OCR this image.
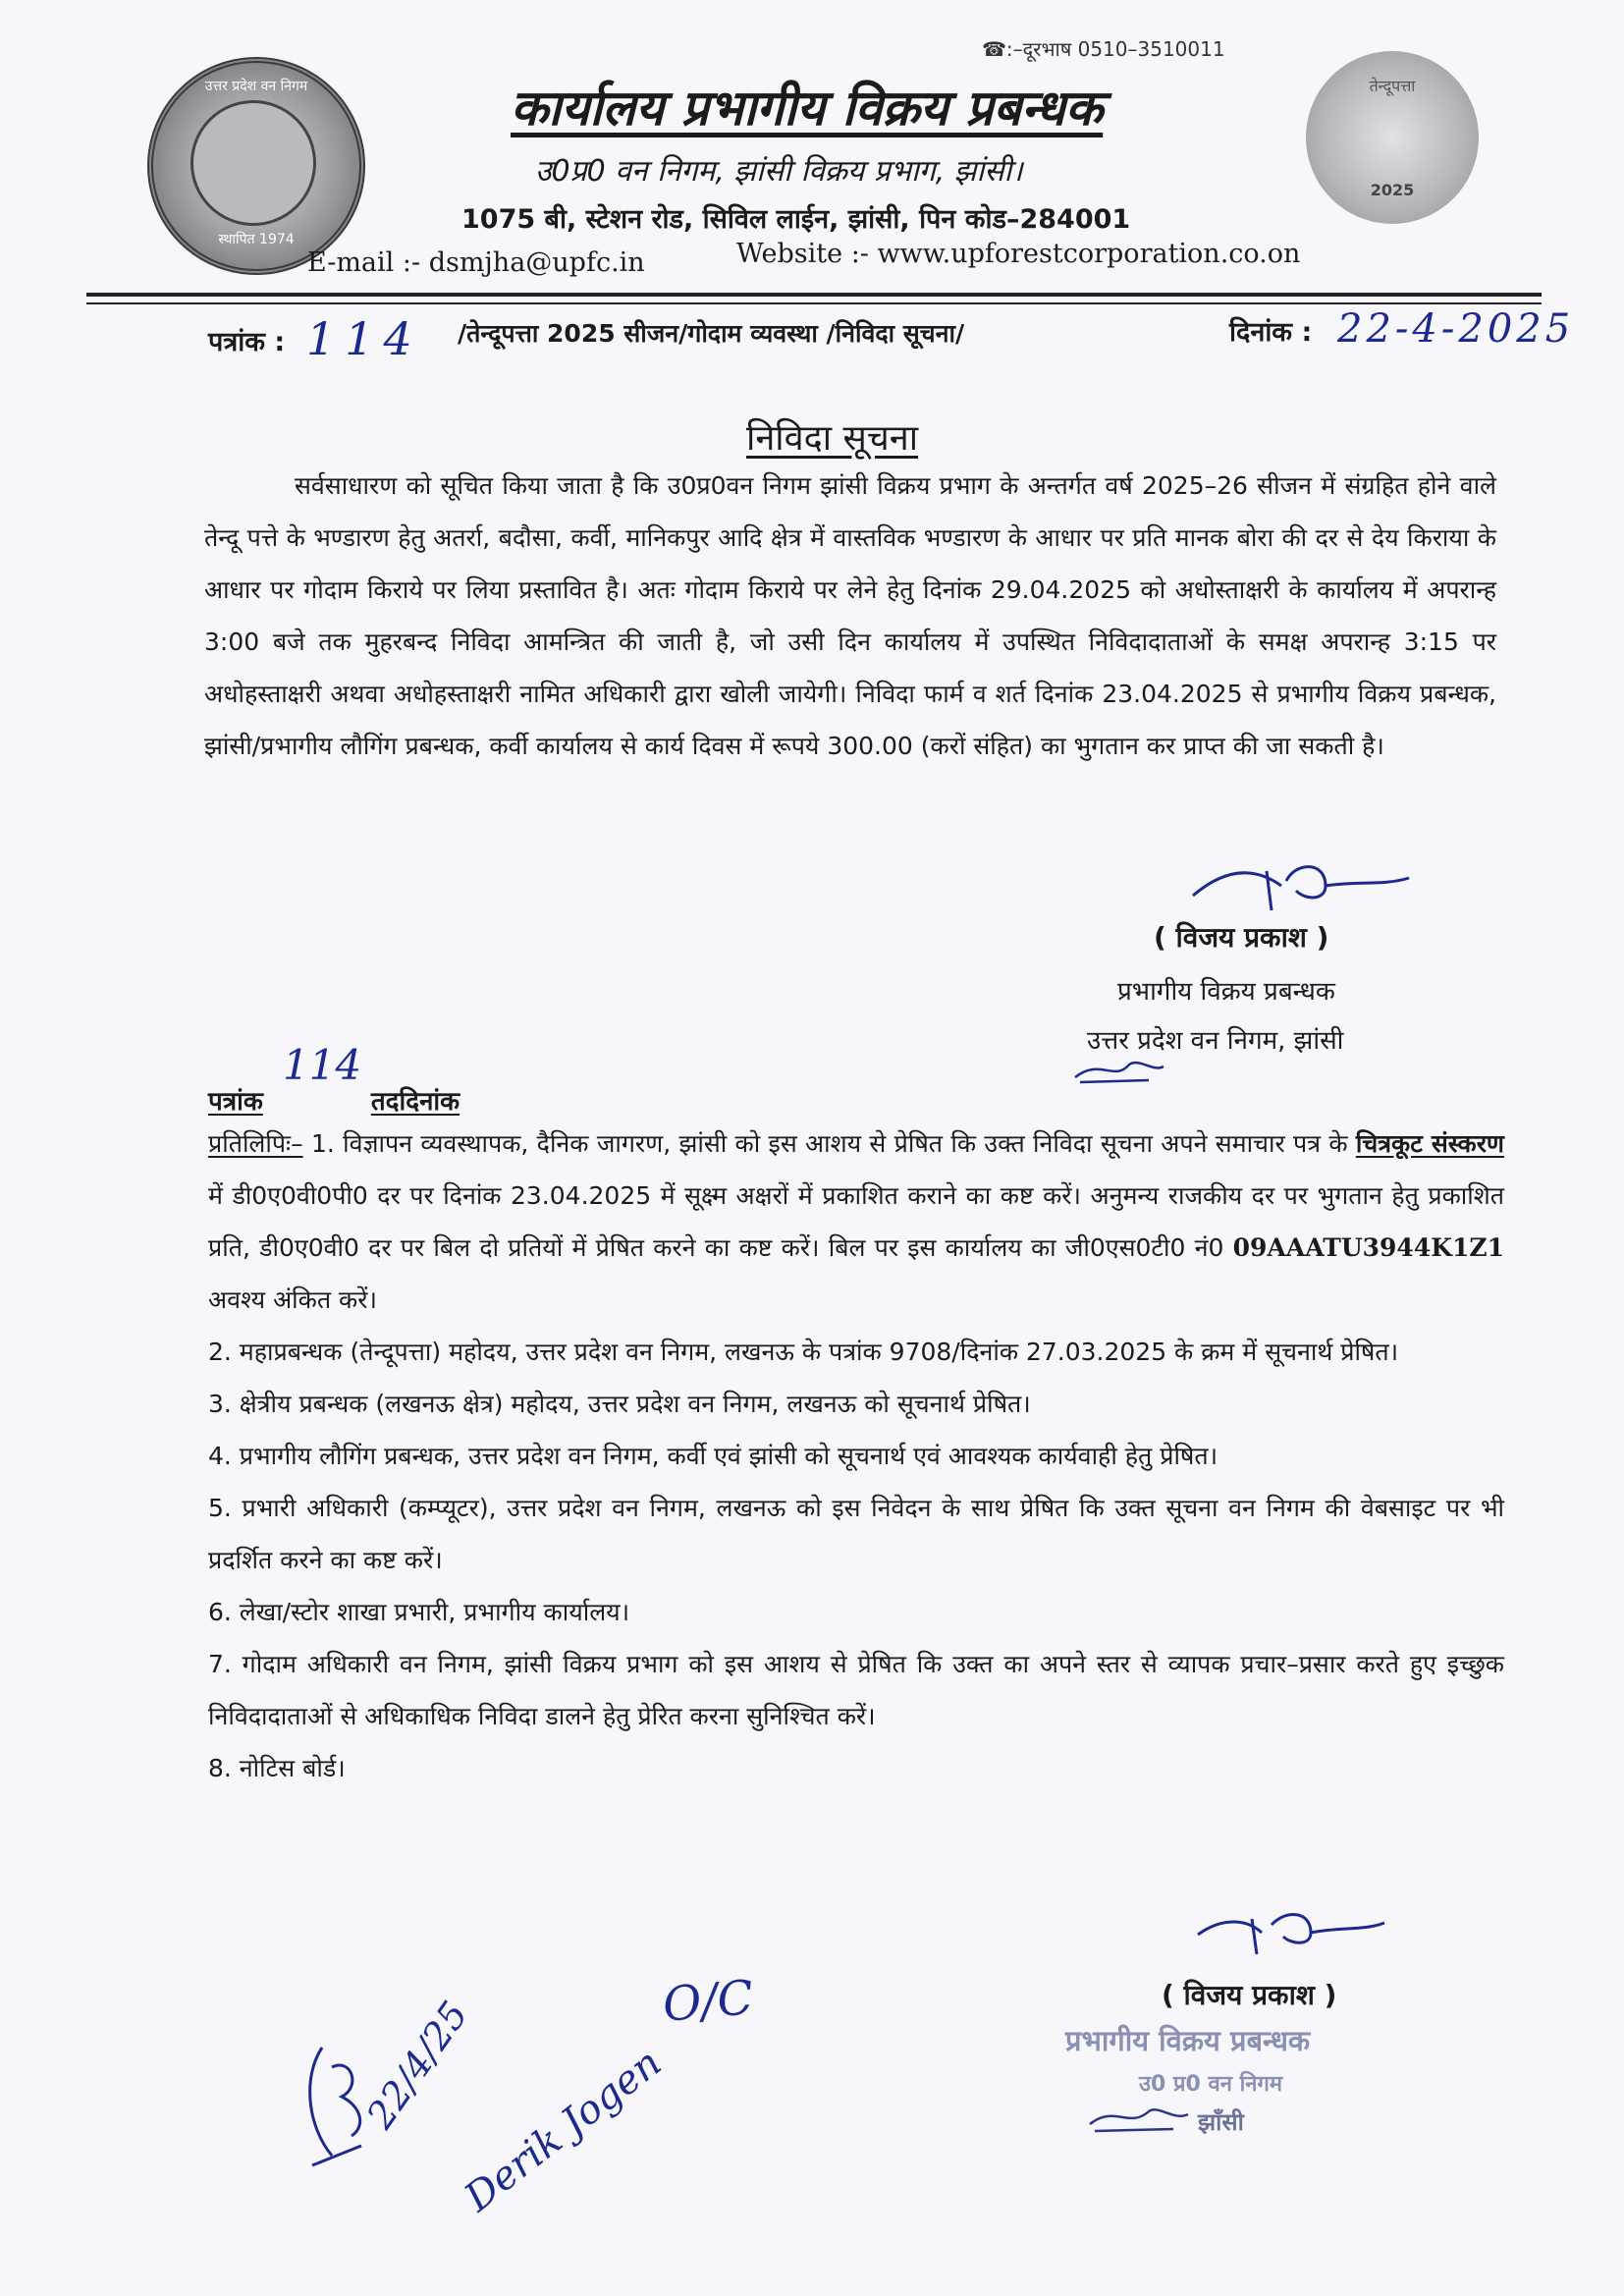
उत्तर प्रदेश वन निगम
स्थापित 1974
तेन्दूपत्ता
2025
☎:–दूरभाष 0510–3510011
कार्यालय प्रभागीय विक्रय प्रबन्धक
उ0प्र0 वन निगम, झांसी विक्रय प्रभाग, झांसी।
1075 बी, स्टेशन रोड, सिविल लाईन, झांसी, पिन कोड–284001
E-mail :- dsmjha@upfc.in	Website :- www.upforestcorporation.co.on
पत्रांक : 114 /तेन्दूपत्ता 2025 सीजन/गोदाम व्यवस्था /निविदा सूचना/	दिनांक : 22-4-2025
निविदा सूचना

सर्वसाधारण को सूचित किया जाता है कि उ0प्र0वन निगम झांसी विक्रय प्रभाग के अन्तर्गत वर्ष 2025–26 सीजन में संग्रहित होने वाले तेन्दू पत्ते के भण्डारण हेतु अतर्रा, बदौसा, कर्वी, मानिकपुर आदि क्षेत्र में वास्तविक भण्डारण के आधार पर प्रति मानक बोरा की दर से देय किराया के आधार पर गोदाम किराये पर लिया प्रस्तावित है। अतः गोदाम किराये पर लेने हेतु दिनांक 29.04.2025 को अधोस्ताक्षरी के कार्यालय में अपरान्ह 3:00 बजे तक मुहरबन्द निविदा आमन्त्रित की जाती है, जो उसी दिन कार्यालय में उपस्थित निविदादाताओं के समक्ष अपरान्ह 3:15 पर अधोहस्ताक्षरी अथवा अधोहस्ताक्षरी नामित अधिकारी द्वारा खोली जायेगी। निविदा फार्म व शर्त दिनांक 23.04.2025 से प्रभागीय विक्रय प्रबन्धक, झांसी/प्रभागीय लौगिंग प्रबन्धक, कर्वी कार्यालय से कार्य दिवस में रूपये 300.00 (करों संहित) का भुगतान कर प्राप्त की जा सकती है।

( विजय प्रकाश )
प्रभागीय विक्रय प्रबन्धक
उत्तर प्रदेश वन निगम, झांसी
114
पत्रांक	तददिनांक

प्रतिलिपिः– 1. विज्ञापन व्यवस्थापक, दैनिक जागरण, झांसी को इस आशय से प्रेषित कि उक्त निविदा सूचना अपने समाचार पत्र के चित्रकूट संस्करण में डी0ए0वी0पी0 दर पर दिनांक 23.04.2025 में सूक्ष्म अक्षरों में प्रकाशित कराने का कष्ट करें। अनुमन्य राजकीय दर पर भुगतान हेतु प्रकाशित प्रति, डी0ए0वी0 दर पर बिल दो प्रतियों में प्रेषित करने का कष्ट करें। बिल पर इस कार्यालय का जी0एस0टी0 नं0 09AAATU3944K1Z1 अवश्य अंकित करें।

2. महाप्रबन्धक (तेन्दूपत्ता) महोदय, उत्तर प्रदेश वन निगम, लखनऊ के पत्रांक 9708/दिनांक 27.03.2025 के क्रम में सूचनार्थ प्रेषित।

3. क्षेत्रीय प्रबन्धक (लखनऊ क्षेत्र) महोदय, उत्तर प्रदेश वन निगम, लखनऊ को सूचनार्थ प्रेषित।

4. प्रभागीय लौगिंग प्रबन्धक, उत्तर प्रदेश वन निगम, कर्वी एवं झांसी को सूचनार्थ एवं आवश्यक कार्यवाही हेतु प्रेषित।

5. प्रभारी अधिकारी (कम्प्यूटर), उत्तर प्रदेश वन निगम, लखनऊ को इस निवेदन के साथ प्रेषित कि उक्त सूचना वन निगम की वेबसाइट पर भी प्रदर्शित करने का कष्ट करें।

6. लेखा/स्टोर शाखा प्रभारी, प्रभागीय कार्यालय।

7. गोदाम अधिकारी वन निगम, झांसी विक्रय प्रभाग को इस आशय से प्रेषित कि उक्त का अपने स्तर से व्यापक प्रचार–प्रसार करते हुए इच्छुक निविदादाताओं से अधिकाधिक निविदा डालने हेतु प्रेरित करना सुनिश्चित करें।

8. नोटिस बोर्ड।

( विजय प्रकाश )
प्रभागीय विक्रय प्रबन्धक
उ0 प्र0 वन निगम
झाँसी
O/C
22/4/25
Derik Jogen
